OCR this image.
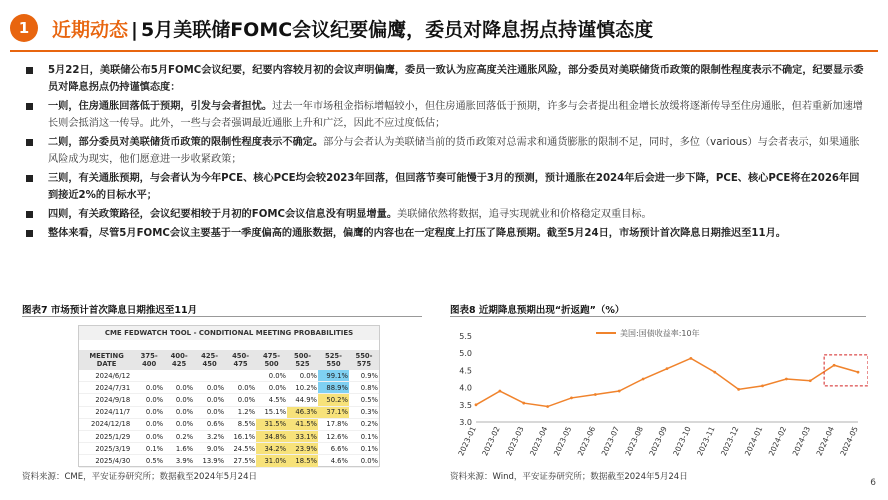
1	近期动态 | 5月美联储FOMC会议纪要偏鹰，委员对降息拐点持谨慎态度
5月22日，美联储公布5月FOMC会议纪要，纪要内容较月初的会议声明偏鹰，委员一致认为应高度关注通胀风险，部分委员对美联储货币政策的限制性程度表示不确定，纪要显示委员对降息拐点仍持谨慎态度：
一则，住房通胀回落低于预期，引发与会者担忧。过去一年市场租金指标增幅较小，但住房通胀回落低于预期，许多与会者提出租金增长放缓将逐渐传导至住房通胀，但若重新加速增长则会抵消这一传导。此外，一些与会者强调最近通胀上升和广泛，因此不应过度低估；
二则，部分委员对美联储货币政策的限制性程度表示不确定。部分与会者认为美联储当前的货币政策对总需求和通货膨胀的限制不足，同时，多位（various）与会者表示，如果通胀风险成为现实，他们愿意进一步收紧政策；
三则，有关通胀预期，与会者认为今年PCE、核心PCE均会较2023年回落，但回落节奏可能慢于3月的预测，预计通胀在2024年后会进一步下降，PCE、核心PCE将在2026年回到接近2%的目标水平；
四则，有关政策路径，会议纪要相较于月初的FOMC会议信息没有明显增量。美联储依然将数据，追寻实现就业和价格稳定双重目标。
整体来看，尽管5月FOMC会议主要基于一季度偏高的通胀数据，偏鹰的内容也在一定程度上打压了降息预期。截至5月24日，市场预计首次降息日期推迟至11月。
图表7 市场预计首次降息日期推迟至11月
CME FEDWATCH TOOL - CONDITIONAL MEETING PROBABILITIES
MEETING DATE	375-400	400-425	425-450	450-475	475-500	500-525	525-550	550-575
2024/6/12					0.0%	0.0%	99.1%	0.9%
2024/7/31	0.0%	0.0%	0.0%	0.0%	0.0%	10.2%	88.9%	0.8%
2024/9/18	0.0%	0.0%	0.0%	0.0%	4.5%	44.9%	50.2%	0.5%
2024/11/7	0.0%	0.0%	0.0%	1.2%	15.1%	46.3%	37.1%	0.3%
2024/12/18	0.0%	0.0%	0.6%	8.5%	31.5%	41.5%	17.8%	0.2%
2025/1/29	0.0%	0.2%	3.2%	16.1%	34.8%	33.1%	12.6%	0.1%
2025/3/19	0.1%	1.6%	9.0%	24.5%	34.2%	23.9%	6.6%	0.1%
2025/4/30	0.5%	3.9%	13.9%	27.5%	31.0%	18.5%	4.6%	0.0%
资料来源：CME，平安证券研究所；数据截至2024年5月24日
图表8 近期降息预期出现“折返跑”（%）
3.0
3.5
4.0
4.5
5.0
5.5
2023-01 2023-02 2023-03 2023-04 2023-05 2023-06 2023-07 2023-08 2023-09 2023-10 2023-11 2023-12 2024-01 2024-02 2024-03 2024-04 2024-05
美国:国债收益率:10年
资料来源：Wind，平安证券研究所；数据截至2024年5月24日
6
